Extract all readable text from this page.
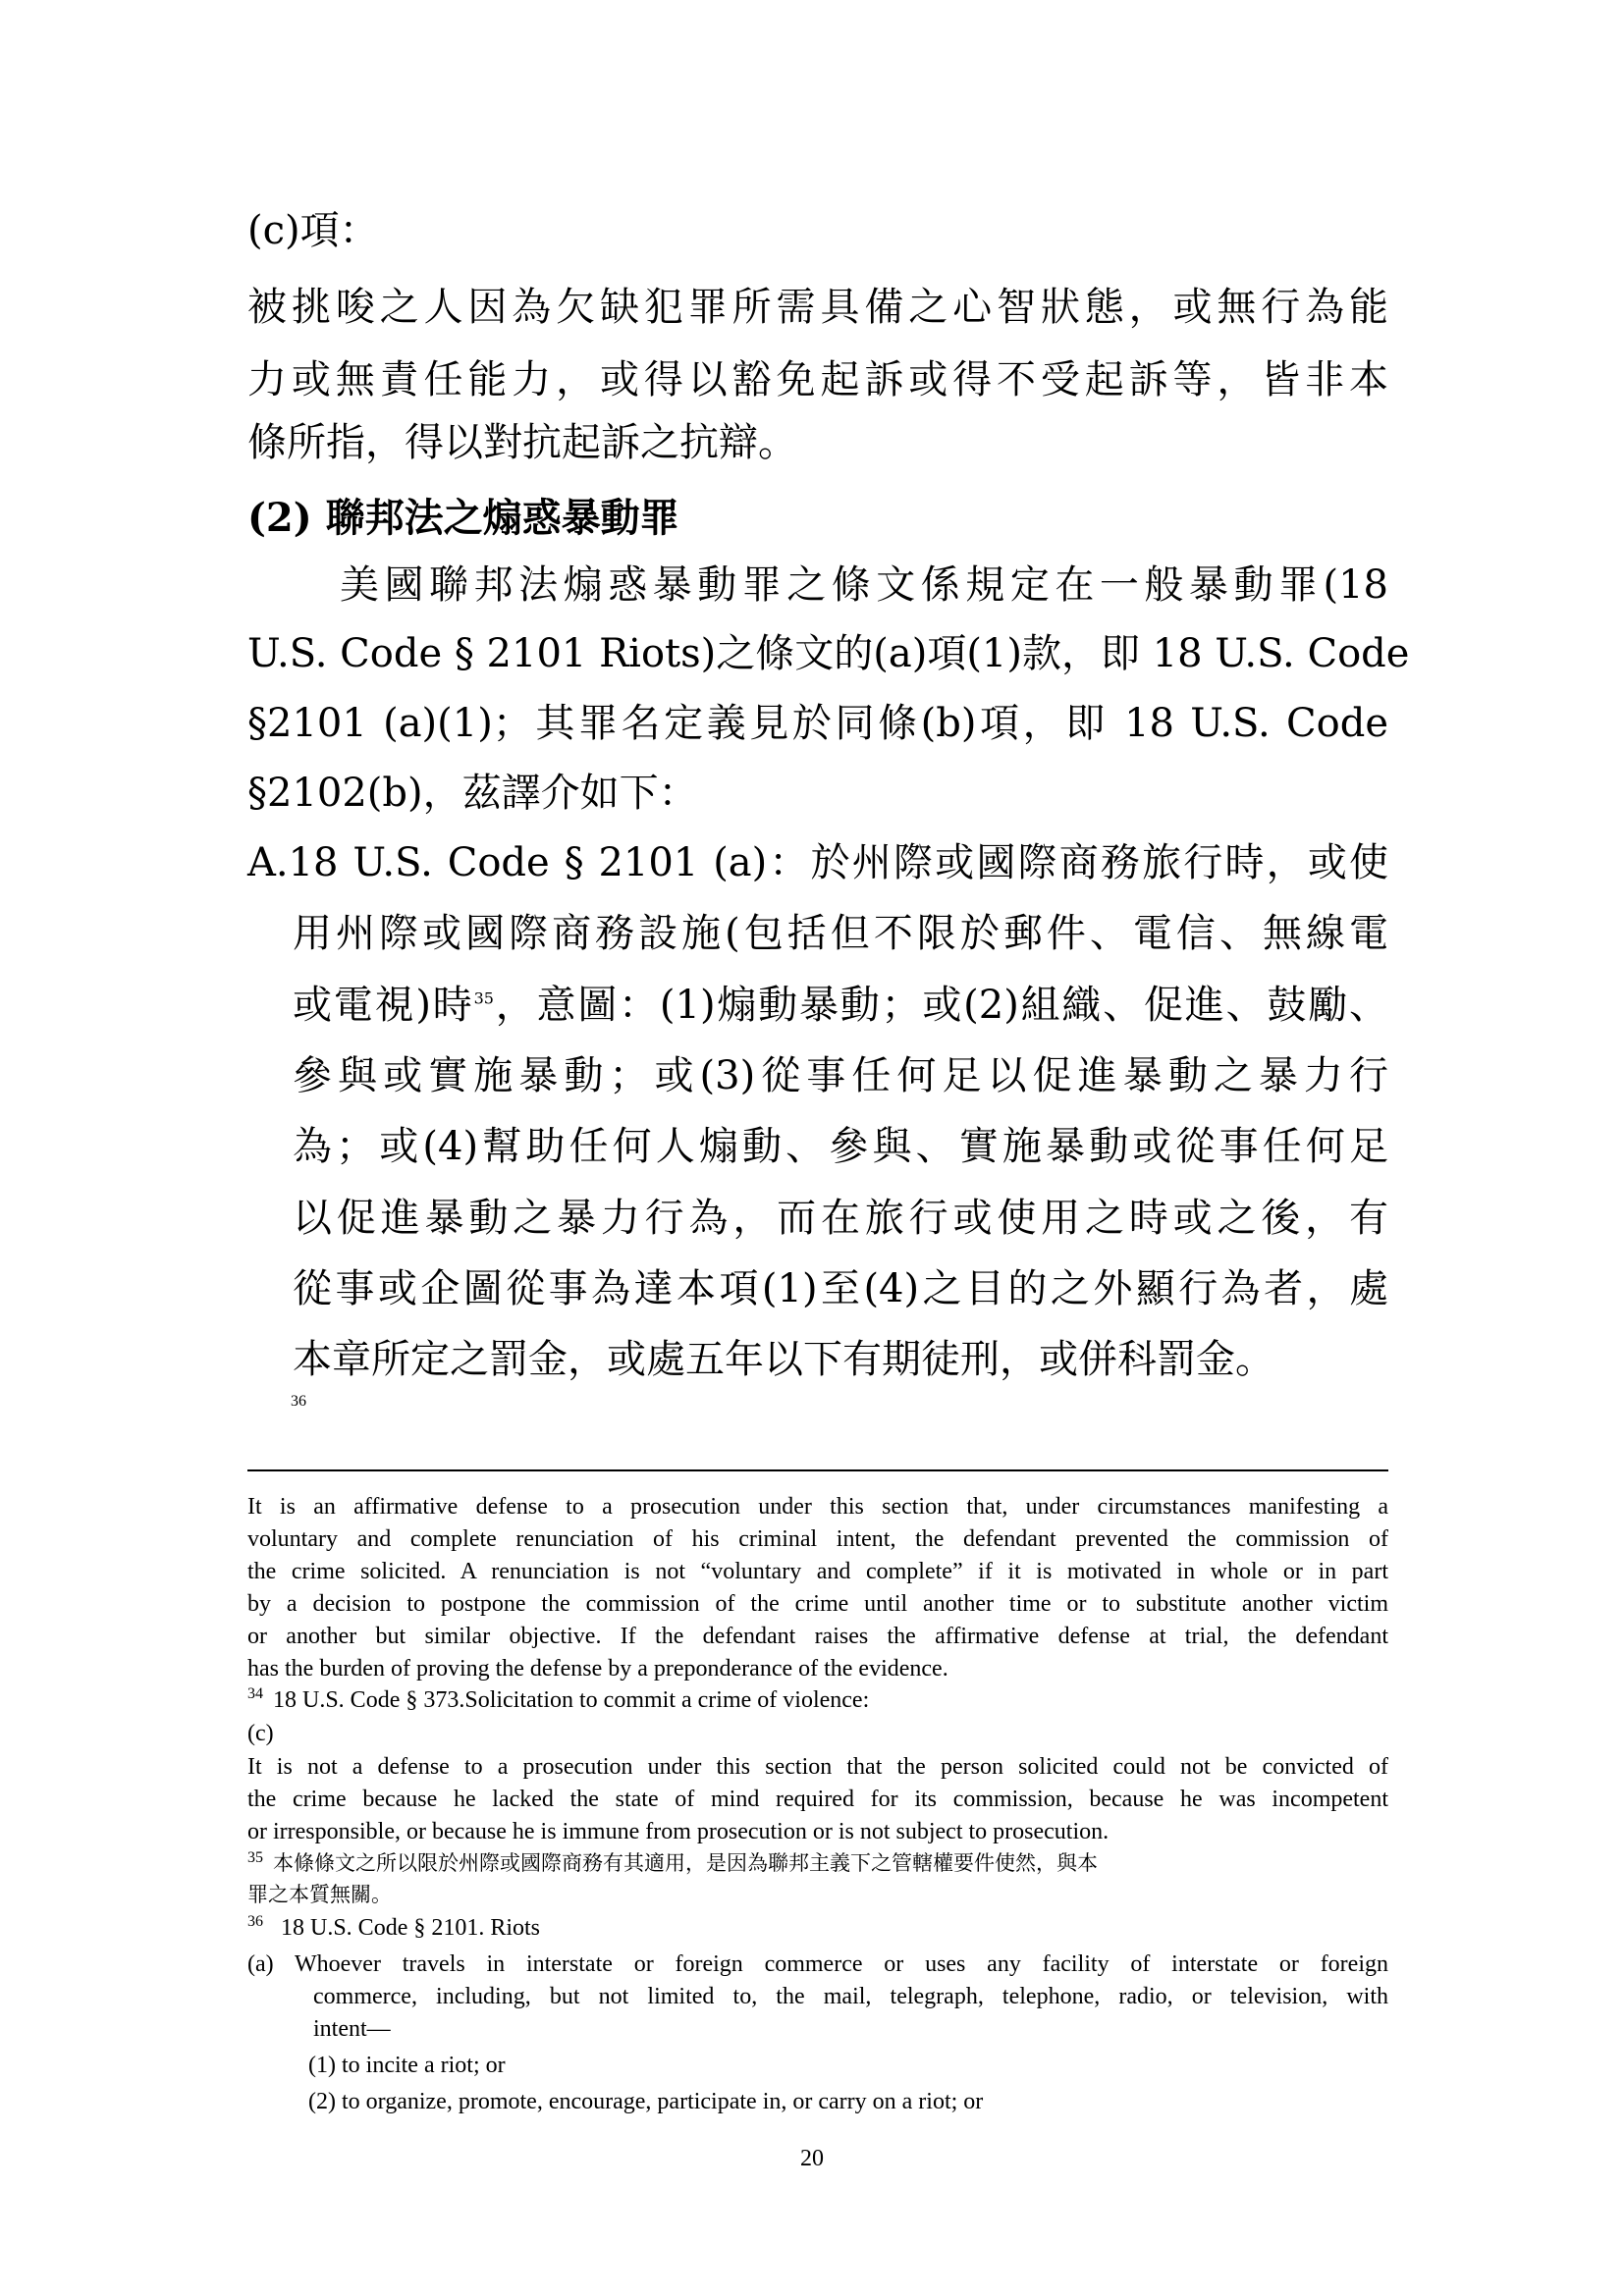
(c)項：
被挑唆之人因為欠缺犯罪所需具備之心智狀態，或無行為能
力或無責任能力，或得以豁免起訴或得不受起訴等，皆非本
條所指，得以對抗起訴之抗辯。
(2) 聯邦法之煽惑暴動罪
美國聯邦法煽惑暴動罪之條文係規定在一般暴動罪(18
U.S. Code § 2101 Riots)之條文的(a)項(1)款，即 18 U.S. Code
§2101 (a)(1)；其罪名定義見於同條(b)項，即 18 U.S. Code
§2102(b)，茲譯介如下：
A.18 U.S. Code § 2101 (a)：於州際或國際商務旅行時，或使
用州際或國際商務設施(包括但不限於郵件、電信、無線電
或電視)時$^{35}$，意圖：(1)煽動暴動；或(2)組織、促進、鼓勵、
參與或實施暴動；或(3)從事任何足以促進暴動之暴力行
為；或(4)幫助任何人煽動、參與、實施暴動或從事任何足
以促進暴動之暴力行為，而在旅行或使用之時或之後，有
從事或企圖從事為達本項(1)至(4)之目的之外顯行為者，處
本章所定之罰金，或處五年以下有期徒刑，或併科罰金。
36
It is an affirmative defense to a prosecution under this section that, under circumstances manifesting a
voluntary and complete renunciation of his criminal intent, the defendant prevented the commission of
the crime solicited. A renunciation is not “voluntary and complete” if it is motivated in whole or in part
by a decision to postpone the commission of the crime until another time or to substitute another victim
or another but similar objective. If the defendant raises the affirmative defense at trial, the defendant
has the burden of proving the defense by a preponderance of the evidence.
$^{34}$ 18 U.S. Code § 373.Solicitation to commit a crime of violence:
(c)
It is not a defense to a prosecution under this section that the person solicited could not be convicted of
the crime because he lacked the state of mind required for its commission, because he was incompetent
or irresponsible, or because he is immune from prosecution or is not subject to prosecution.
$^{35}$ 本條條文之所以限於州際或國際商務有其適用，是因為聯邦主義下之管轄權要件使然，與本
罪之本質無關。
$^{36}$ 18 U.S. Code § 2101. Riots
(a) Whoever travels in interstate or foreign commerce or uses any facility of interstate or foreign
commerce, including, but not limited to, the mail, telegraph, telephone, radio, or television, with
intent—
(1) to incite a riot; or
(2) to organize, promote, encourage, participate in, or carry on a riot; or
20
